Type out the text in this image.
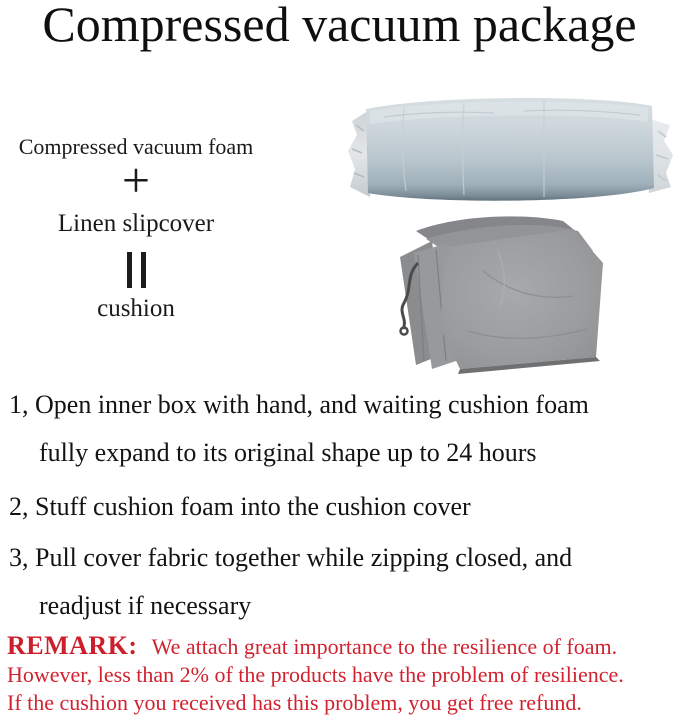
Compressed vacuum package
Compressed vacuum foam
+
Linen slipcover
cushion
1, Open inner box with hand, and waiting cushion foam
fully expand to its original shape up to 24 hours
2, Stuff cushion foam into the cushion cover
3, Pull cover fabric together while zipping closed, and
readjust if necessary
REMARK: We attach great importance to the resilience of foam.
However, less than 2% of the products have the problem of resilience.
If the cushion you received has this problem, you get free refund.
